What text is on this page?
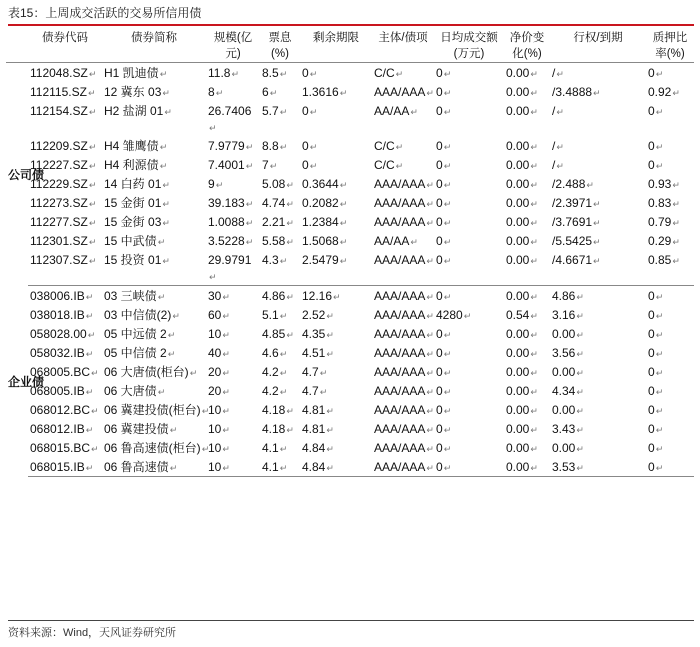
表15：上周成交活跃的交易所信用债
	债券代码	债券简称	规模(亿元)	票息(%)	剩余期限	主体/债项	日均成交额(万元)	净价变化(%)	行权/到期	质押比率(%)
公司债	112048.SZ↵	H1 凯迪债↵	11.8↵	8.5↵	0↵	C/C↵	0↵	0.00↵	/↵	0↵
	112115.SZ↵	12 冀东 03↵	8↵	6↵	1.3616↵	AAA/AAA↵	0↵	0.00↵	/3.4888↵	0.92↵
	112154.SZ↵	H2 盐湖 01↵	26.7406↵	5.7↵	0↵	AA/AA↵	0↵	0.00↵	/↵	0↵
	112209.SZ↵	H4 雏鹰债↵	7.9779↵	8.8↵	0↵	C/C↵	0↵	0.00↵	/↵	0↵
	112227.SZ↵	H4 利源债↵	7.4001↵	7↵	0↵	C/C↵	0↵	0.00↵	/↵	0↵
	112229.SZ↵	14 白药 01↵	9↵	5.08↵	0.3644↵	AAA/AAA↵	0↵	0.00↵	/2.488↵	0.93↵
	112273.SZ↵	15 金街 01↵	39.183↵	4.74↵	0.2082↵	AAA/AAA↵	0↵	0.00↵	/2.3971↵	0.83↵
	112277.SZ↵	15 金街 03↵	1.0088↵	2.21↵	1.2384↵	AAA/AAA↵	0↵	0.00↵	/3.7691↵	0.79↵
	112301.SZ↵	15 中武债↵	3.5228↵	5.58↵	1.5068↵	AA/AA↵	0↵	0.00↵	/5.5425↵	0.29↵
	112307.SZ↵	15 投资 01↵	29.9791↵	4.3↵	2.5479↵	AAA/AAA↵	0↵	0.00↵	/4.6671↵	0.85↵
企业债	038006.IB↵	03 三峡债↵	30↵	4.86↵	12.16↵	AAA/AAA↵	0↵	0.00↵	4.86↵	0↵
	038018.IB↵	03 中信债(2)↵	60↵	5.1↵	2.52↵	AAA/AAA↵	4280↵	0.54↵	3.16↵	0↵
	058028.00↵	05 中远债 2↵	10↵	4.85↵	4.35↵	AAA/AAA↵	0↵	0.00↵	0.00↵	0↵
	058032.IB↵	05 中信债 2↵	40↵	4.6↵	4.51↵	AAA/AAA↵	0↵	0.00↵	3.56↵	0↵
	068005.BC↵	06 大唐债(柜台)↵	20↵	4.2↵	4.7↵	AAA/AAA↵	0↵	0.00↵	0.00↵	0↵
	068005.IB↵	06 大唐债↵	20↵	4.2↵	4.7↵	AAA/AAA↵	0↵	0.00↵	4.34↵	0↵
	068012.BC↵	06 冀建投债(柜台)↵	10↵	4.18↵	4.81↵	AAA/AAA↵	0↵	0.00↵	0.00↵	0↵
	068012.IB↵	06 冀建投债↵	10↵	4.18↵	4.81↵	AAA/AAA↵	0↵	0.00↵	3.43↵	0↵
	068015.BC↵	06 鲁高速债(柜台)↵	10↵	4.1↵	4.84↵	AAA/AAA↵	0↵	0.00↵	0.00↵	0↵
	068015.IB↵	06 鲁高速债↵	10↵	4.1↵	4.84↵	AAA/AAA↵	0↵	0.00↵	3.53↵	0↵
资料来源：Wind，天风证券研究所
